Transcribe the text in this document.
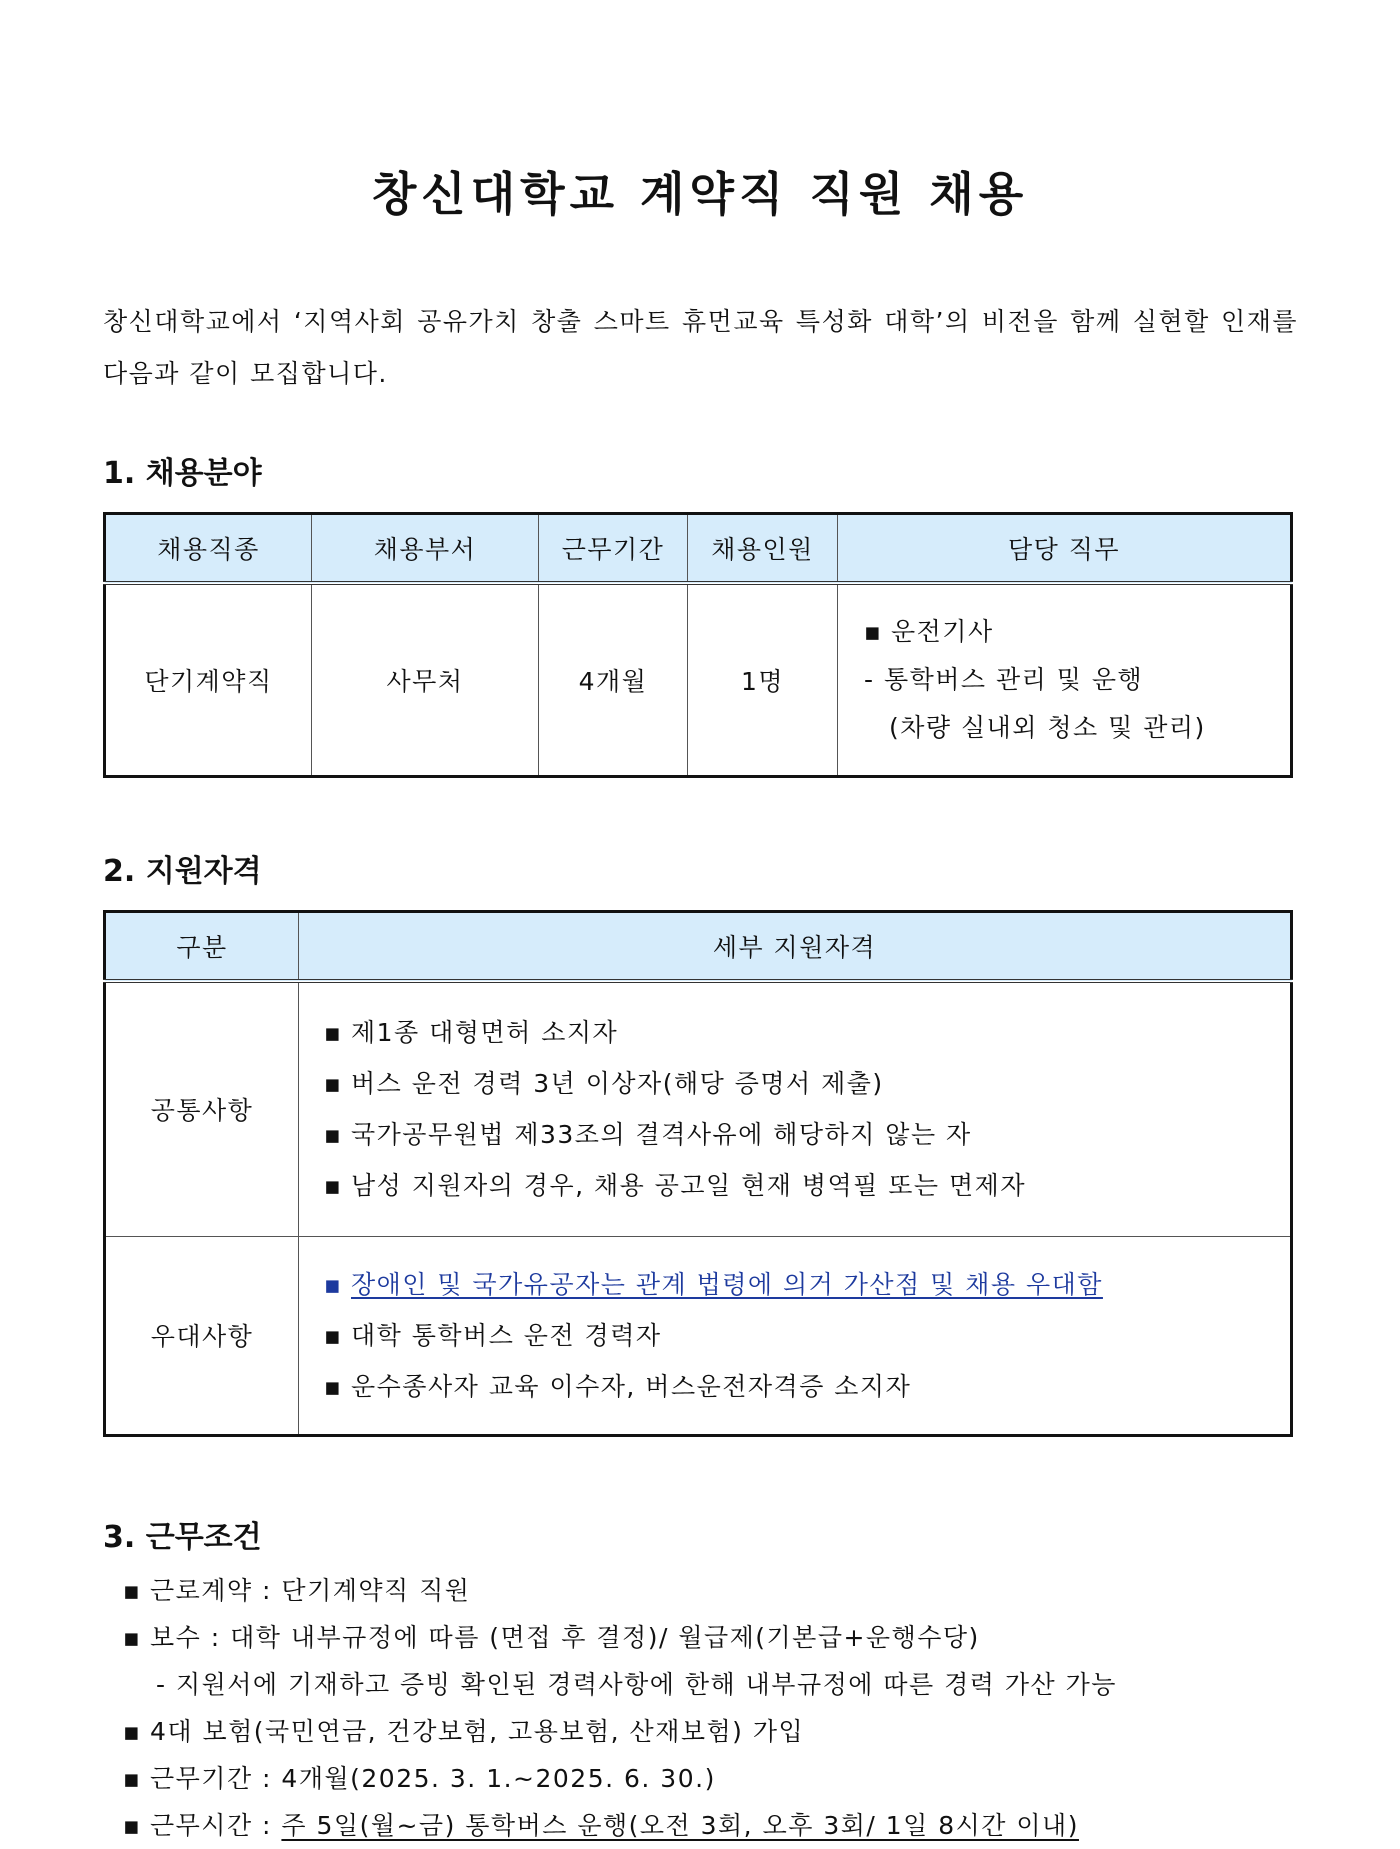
창신대학교 계약직 직원 채용

창신대학교에서 ‘지역사회 공유가치 창출 스마트 휴먼교육 특성화 대학’의 비전을 함께 실현할 인재를 다음과 같이 모집합니다.

1. 채용분야
채용직종	채용부서	근무기간	채용인원	담당 직무
단기계약직	사무처	4개월	1명	▪ 운전기사
- 통학버스 관리 및 운행
(차량 실내외 청소 및 관리)
2. 지원자격
구분	세부 지원자격
공통사항	▪ 제1종 대형면허 소지자
▪ 버스 운전 경력 3년 이상자(해당 증명서 제출)
▪ 국가공무원법 제33조의 결격사유에 해당하지 않는 자
▪ 남성 지원자의 경우, 채용 공고일 현재 병역필 또는 면제자

우대사항	▪ 장애인 및 국가유공자는 관계 법령에 의거 가산점 및 채용 우대함
▪ 대학 통학버스 운전 경력자
▪ 운수종사자 교육 이수자, 버스운전자격증 소지자
3. 근무조건
▪ 근로계약 : 단기계약직 직원
▪ 보수 : 대학 내부규정에 따름 (면접 후 결정)/ 월급제(기본급+운행수당)
- 지원서에 기재하고 증빙 확인된 경력사항에 한해 내부규정에 따른 경력 가산 가능
▪ 4대 보험(국민연금, 건강보험, 고용보험, 산재보험) 가입
▪ 근무기간 : 4개월(2025. 3. 1.~2025. 6. 30.)
▪ 근무시간 : 주 5일(월~금) 통학버스 운행(오전 3회, 오후 3회/ 1일 8시간 이내)
